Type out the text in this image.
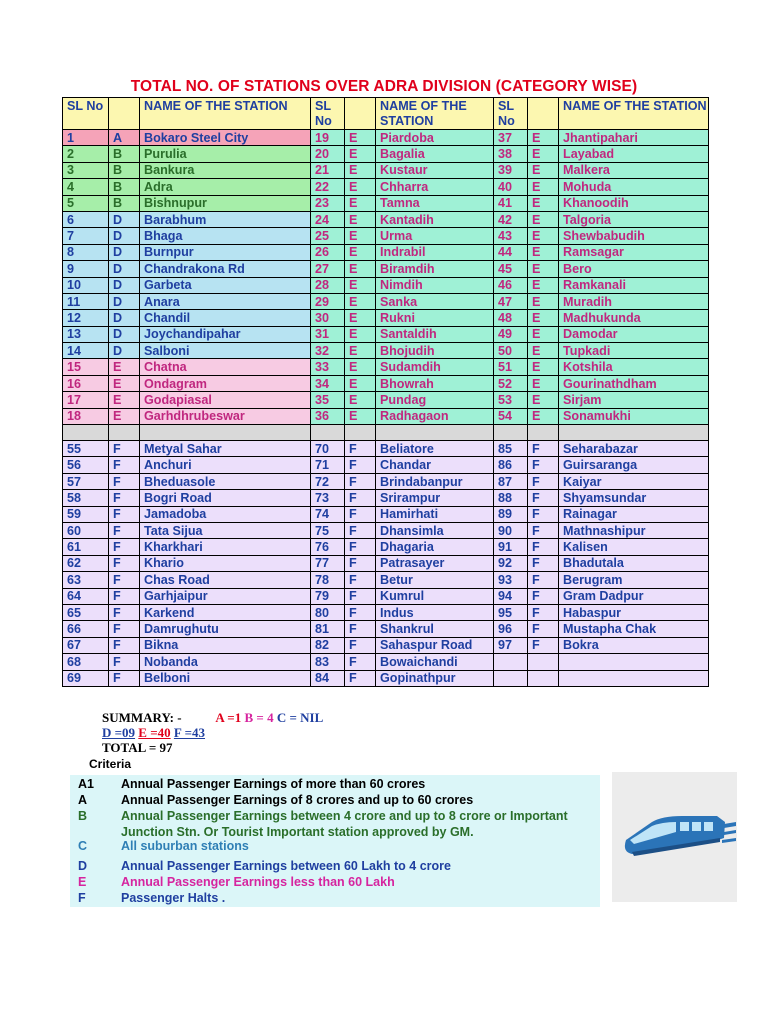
TOTAL NO. OF STATIONS OVER ADRA DIVISION (CATEGORY WISE)
SL No		NAME OF THE STATION	SL No		NAME OF THE STATION	SL No		NAME OF THE STATION
1	A	Bokaro Steel City	19	E	Piardoba	37	E	Jhantipahari
2	B	Purulia	20	E	Bagalia	38	E	Layabad
3	B	Bankura	21	E	Kustaur	39	E	Malkera
4	B	Adra	22	E	Chharra	40	E	Mohuda
5	B	Bishnupur	23	E	Tamna	41	E	Khanoodih
6	D	Barabhum	24	E	Kantadih	42	E	Talgoria
7	D	Bhaga	25	E	Urma	43	E	Shewbabudih
8	D	Burnpur	26	E	Indrabil	44	E	Ramsagar
9	D	Chandrakona Rd	27	E	Biramdih	45	E	Bero
10	D	Garbeta	28	E	Nimdih	46	E	Ramkanali
11	D	Anara	29	E	Sanka	47	E	Muradih
12	D	Chandil	30	E	Rukni	48	E	Madhukunda
13	D	Joychandipahar	31	E	Santaldih	49	E	Damodar
14	D	Salboni	32	E	Bhojudih	50	E	Tupkadi
15	E	Chatna	33	E	Sudamdih	51	E	Kotshila
16	E	Ondagram	34	E	Bhowrah	52	E	Gourinathdham
17	E	Godapiasal	35	E	Pundag	53	E	Sirjam
18	E	Garhdhrubeswar	36	E	Radhagaon	54	E	Sonamukhi

55	F	Metyal Sahar	70	F	Beliatore	85	F	Seharabazar
56	F	Anchuri	71	F	Chandar	86	F	Guirsaranga
57	F	Bheduasole	72	F	Brindabanpur	87	F	Kaiyar
58	F	Bogri Road	73	F	Srirampur	88	F	Shyamsundar
59	F	Jamadoba	74	F	Hamirhati	89	F	Rainagar
60	F	Tata Sijua	75	F	Dhansimla	90	F	Mathnashipur
61	F	Kharkhari	76	F	Dhagaria	91	F	Kalisen
62	F	Khario	77	F	Patrasayer	92	F	Bhadutala
63	F	Chas Road	78	F	Betur	93	F	Berugram
64	F	Garhjaipur	79	F	Kumrul	94	F	Gram Dadpur
65	F	Karkend	80	F	Indus	95	F	Habaspur
66	F	Damrughutu	81	F	Shankrul	96	F	Mustapha Chak
67	F	Bikna	82	F	Sahaspur Road	97	F	Bokra
68	F	Nobanda	83	F	Bowaichandi			
69	F	Belboni	84	F	Gopinathpur			
SUMMARY: -	A =1 B = 4 C = NIL
D =09 E =40 F =43
TOTAL = 97
Criteria
A1 Annual Passenger Earnings of more than 60 crores
A	Annual Passenger Earnings of 8 crores and up to 60 crores
B	Annual Passenger Earnings between 4 crore and up to 8 crore or Important Junction Stn. Or Tourist Important station approved by GM.
C	All suburban stations
D	Annual Passenger Earnings between 60 Lakh to 4 crore
E	Annual Passenger Earnings less than 60 Lakh
F	Passenger Halts .
